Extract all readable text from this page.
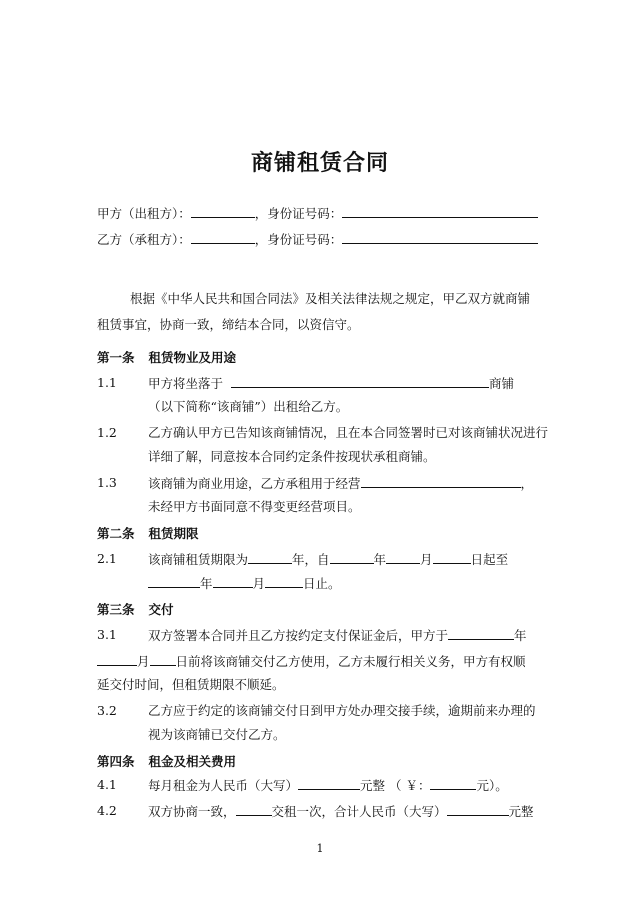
商铺租赁合同
甲方（出租方）：	，身份证号码：
乙方（承租方）：	，身份证号码：
根据《中华人民共和国合同法》及相关法律法规之规定，甲乙双方就商铺
租赁事宜，协商一致，缔结本合同，以资信守。
第一条 租赁物业及用途
1.1 甲方将坐落于	商铺
（以下简称“该商铺”）出租给乙方。
1.2 乙方确认甲方已告知该商铺情况，且在本合同签署时已对该商铺状况进行
详细了解，同意按本合同约定条件按现状承租商铺。
1.3 该商铺为商业用途，乙方承租用于经营	，
未经甲方书面同意不得变更经营项目。
第二条 租赁期限
2.1 该商铺租赁期限为	年，自	年	月	日起至
年	月	日止。
第三条 交付
3.1 双方签署本合同并且乙方按约定支付保证金后，甲方于	年
月 日前将该商铺交付乙方使用，乙方未履行相关义务，甲方有权顺
延交付时间，但租赁期限不顺延。
3.2 乙方应于约定的该商铺交付日到甲方处办理交接手续，逾期前来办理的
视为该商铺已交付乙方。
第四条 租金及相关费用
4.1 每月租金为人民币（大写）	元整 （ ￥：	元）。
4.2 双方协商一致，	交租一次，合计人民币（大写）	元整
1
